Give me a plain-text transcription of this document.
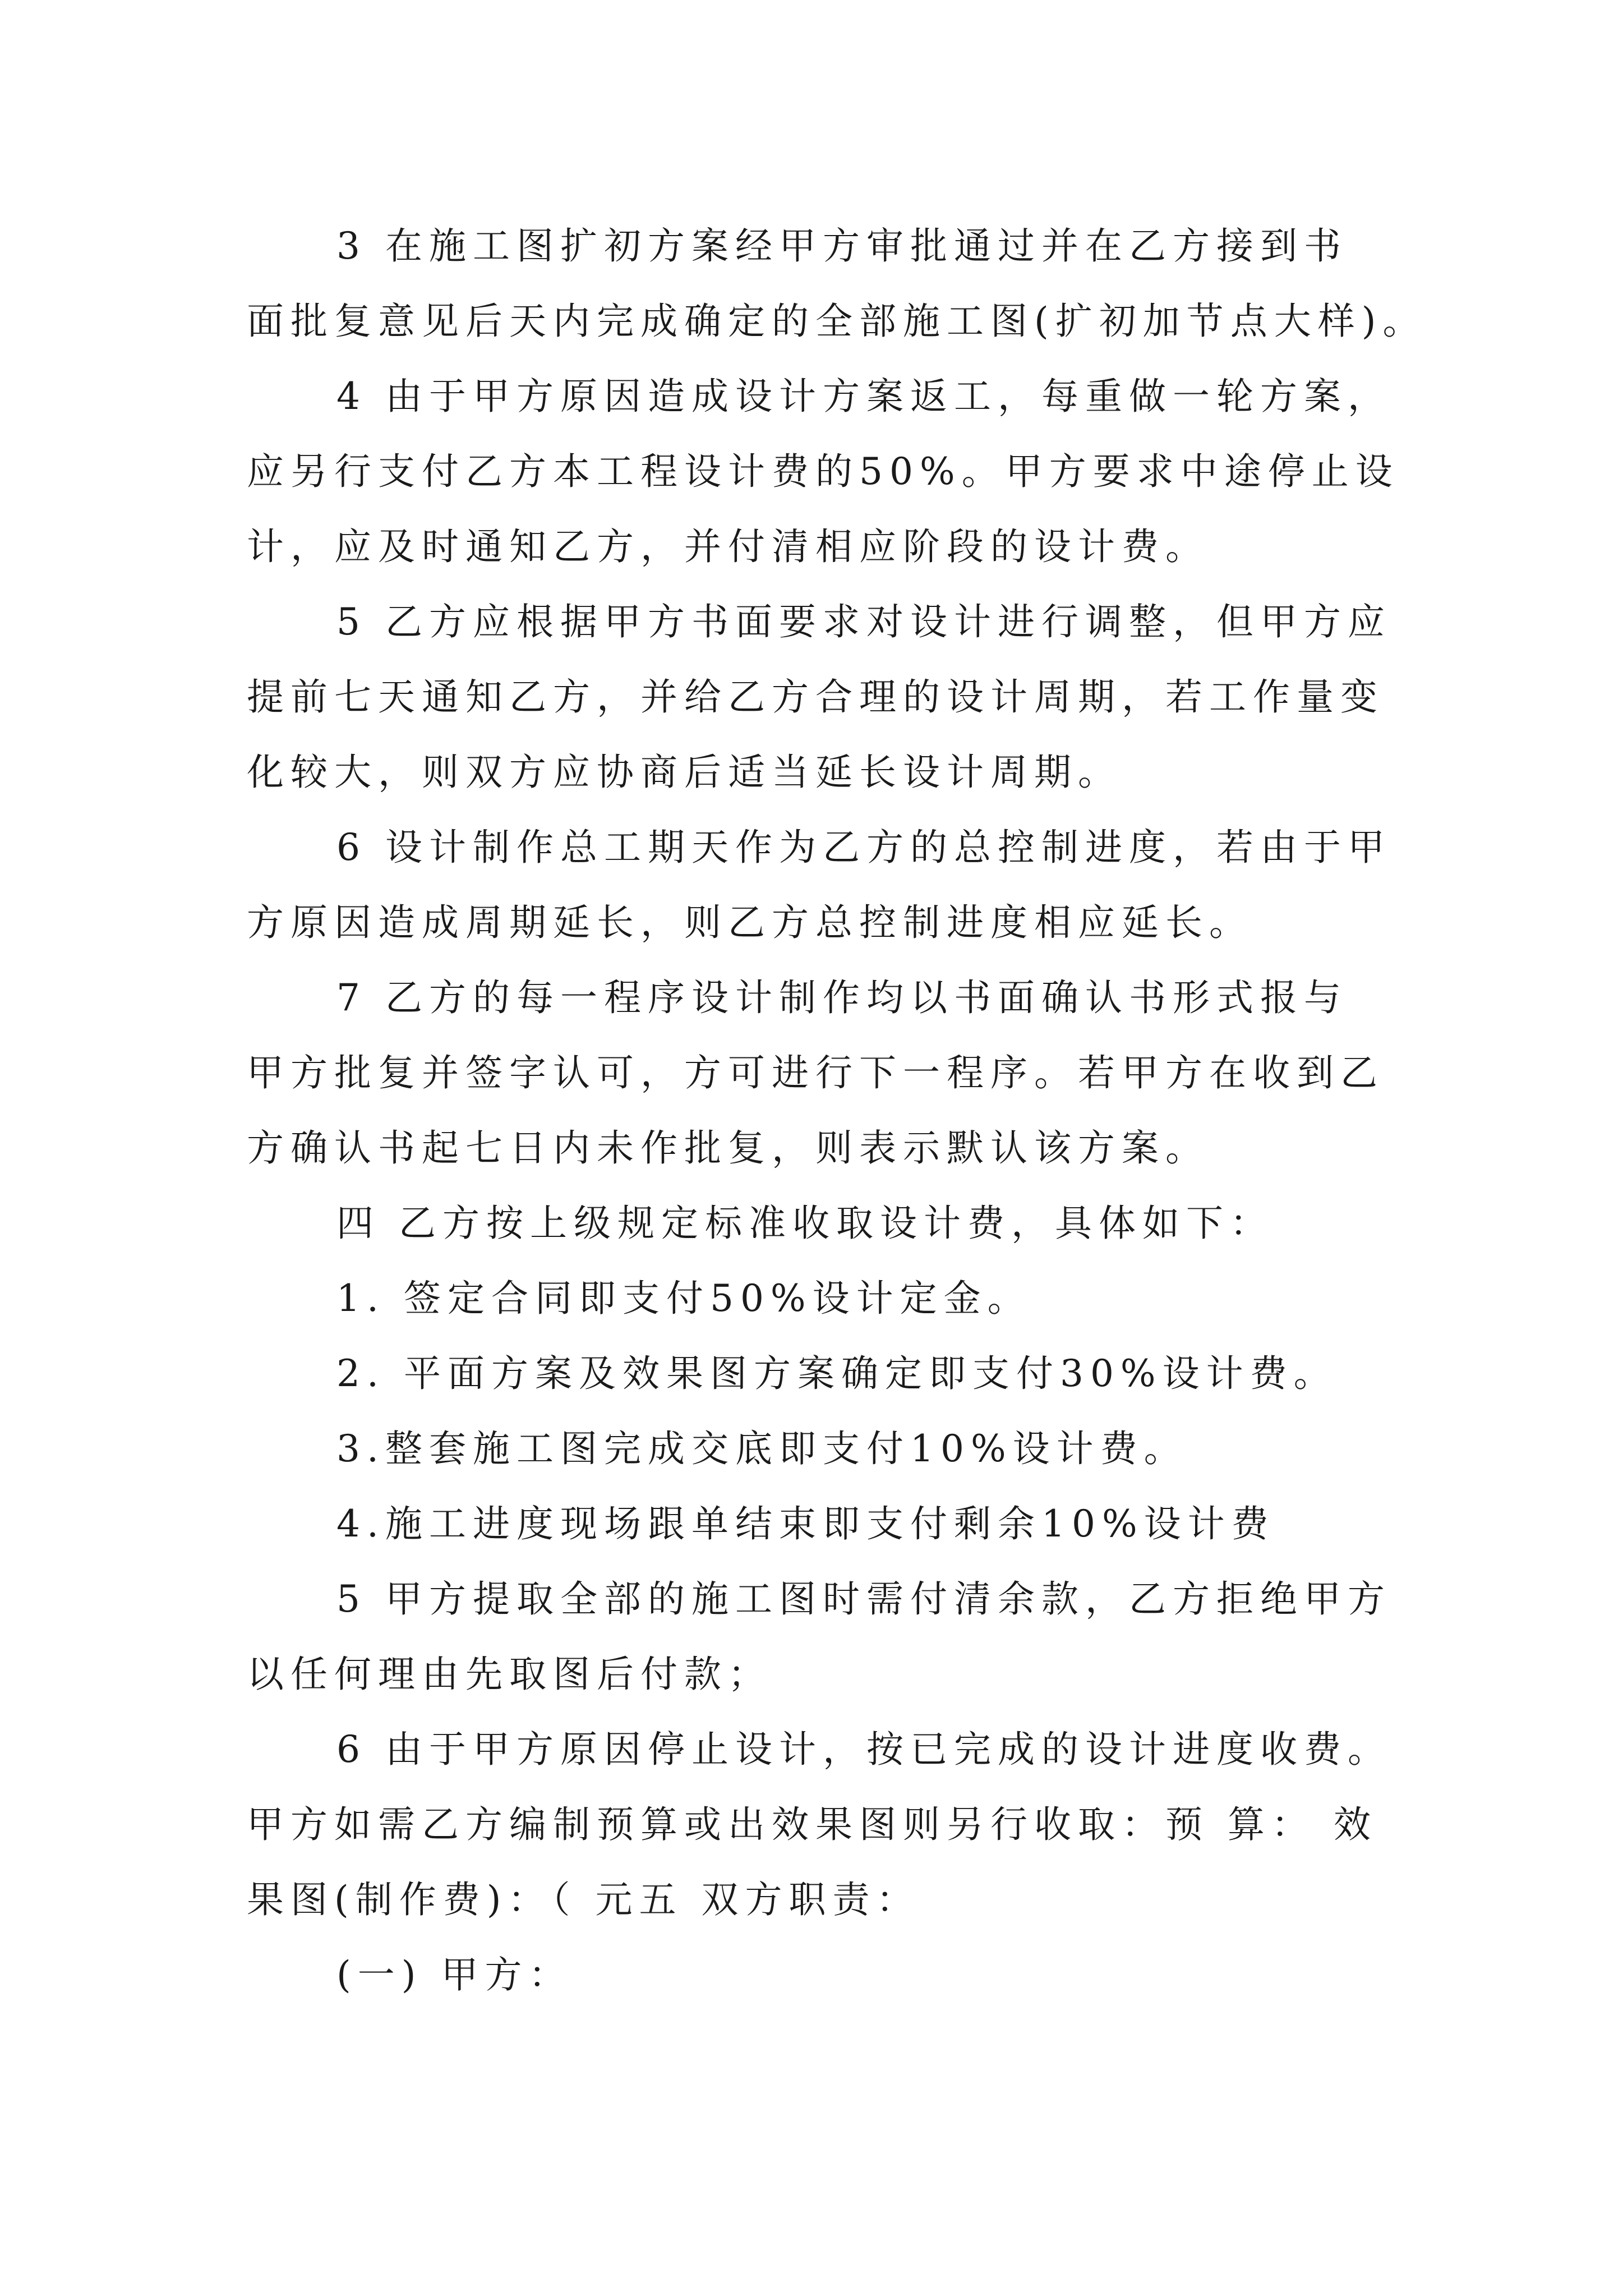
3 在施工图扩初方案经甲方审批通过并在乙方接到书
面批复意见后天内完成确定的全部施工图(扩初加节点大样)。
4 由于甲方原因造成设计方案返工，每重做一轮方案，
应另行支付乙方本工程设计费的50%。甲方要求中途停止设
计，应及时通知乙方，并付清相应阶段的设计费。
5 乙方应根据甲方书面要求对设计进行调整，但甲方应
提前七天通知乙方，并给乙方合理的设计周期，若工作量变
化较大，则双方应协商后适当延长设计周期。
6 设计制作总工期天作为乙方的总控制进度，若由于甲
方原因造成周期延长，则乙方总控制进度相应延长。
7 乙方的每一程序设计制作均以书面确认书形式报与
甲方批复并签字认可，方可进行下一程序。若甲方在收到乙
方确认书起七日内未作批复，则表示默认该方案。
四 乙方按上级规定标准收取设计费，具体如下：
1. 签定合同即支付50%设计定金。
2. 平面方案及效果图方案确定即支付30%设计费。
3.整套施工图完成交底即支付10%设计费。
4.施工进度现场跟单结束即支付剩余10%设计费
5 甲方提取全部的施工图时需付清余款，乙方拒绝甲方
以任何理由先取图后付款；
6 由于甲方原因停止设计，按已完成的设计进度收费。
甲方如需乙方编制预算或出效果图则另行收取：预 算： 效
果图(制作费)：（ 元五 双方职责：
(一) 甲方：
